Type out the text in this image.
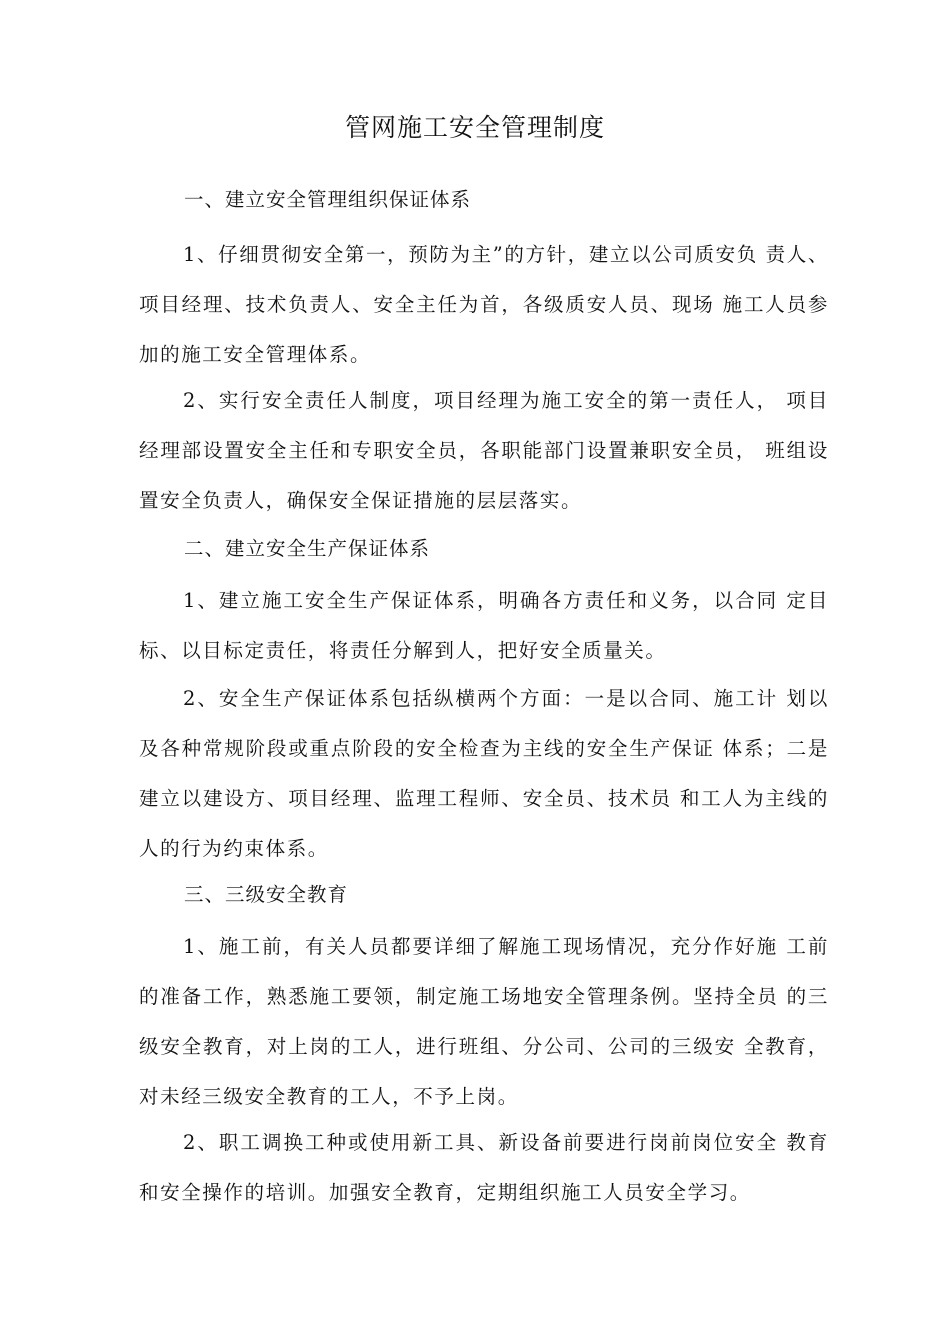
管网施工安全管理制度
一、建立安全管理组织保证体系
1、仔细贯彻安全第一，预防为主”的方针，建立以公司质安负 责人、项目经理、技术负责人、安全主任为首，各级质安人员、现场 施工人员参加的施工安全管理体系。
2、实行安全责任人制度，项目经理为施工安全的第一责任人， 项目经理部设置安全主任和专职安全员，各职能部门设置兼职安全员， 班组设置安全负责人，确保安全保证措施的层层落实。
二、建立安全生产保证体系
1、建立施工安全生产保证体系，明确各方责任和义务，以合同 定目标、以目标定责任，将责任分解到人，把好安全质量关。
2、安全生产保证体系包括纵横两个方面：一是以合同、施工计 划以及各种常规阶段或重点阶段的安全检查为主线的安全生产保证 体系；二是建立以建设方、项目经理、监理工程师、安全员、技术员 和工人为主线的人的行为约束体系。
三、三级安全教育
1、施工前，有关人员都要详细了解施工现场情况，充分作好施 工前的准备工作，熟悉施工要领，制定施工场地安全管理条例。坚持全员 的三级安全教育，对上岗的工人，进行班组、分公司、公司的三级安 全教育，对未经三级安全教育的工人，不予上岗。
2、职工调换工种或使用新工具、新设备前要进行岗前岗位安全 教育和安全操作的培训。加强安全教育，定期组织施工人员安全学习。
